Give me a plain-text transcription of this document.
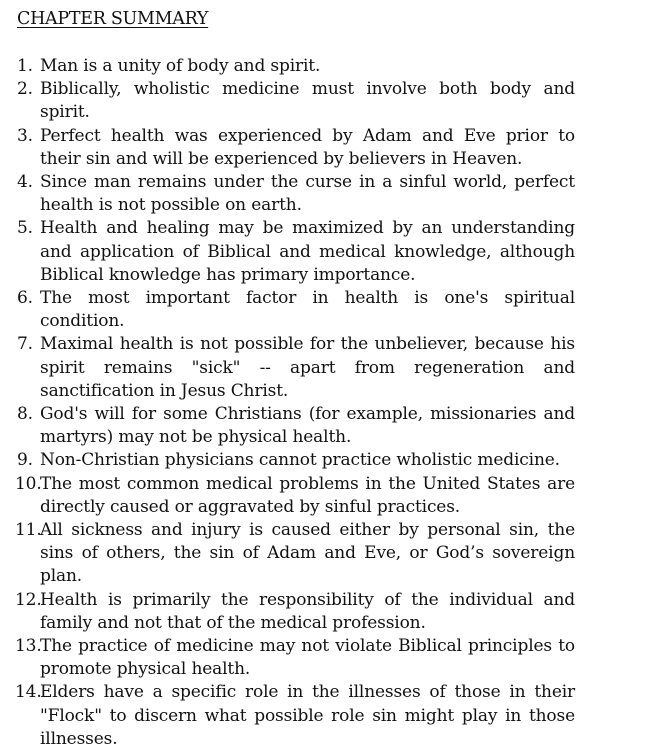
CHAPTER SUMMARY
1. Man is a unity of body and spirit.
2. Biblically, wholistic medicine must involve both body and spirit.
3. Perfect health was experienced by Adam and Eve prior to their sin and will be experienced by believers in Heaven.
4. Since man remains under the curse in a sinful world, perfect health is not possible on earth.
5. Health and healing may be maximized by an understanding and application of Biblical and medical knowledge, although Biblical knowledge has primary importance.
6. The most important factor in health is one's spiritual condition.
7. Maximal health is not possible for the unbeliever, because his spirit remains "sick" -- apart from regeneration and sanctification in Jesus Christ.
8. God's will for some Christians (for example, missionaries and martyrs) may not be physical health.
9. Non-Christian physicians cannot practice wholistic medicine.
10.
The most common medical problems in the United States are directly caused or aggravated by sinful practices.
11.
All sickness and injury is caused either by personal sin, the sins of others, the sin of Adam and Eve, or God’s sovereign plan.
12.
Health is primarily the responsibility of the individual and family and not that of the medical profession.
13.
The practice of medicine may not violate Biblical principles to promote physical health.
14.
Elders have a specific role in the illnesses of those in their "Flock" to discern what possible role sin might play in those illnesses.
